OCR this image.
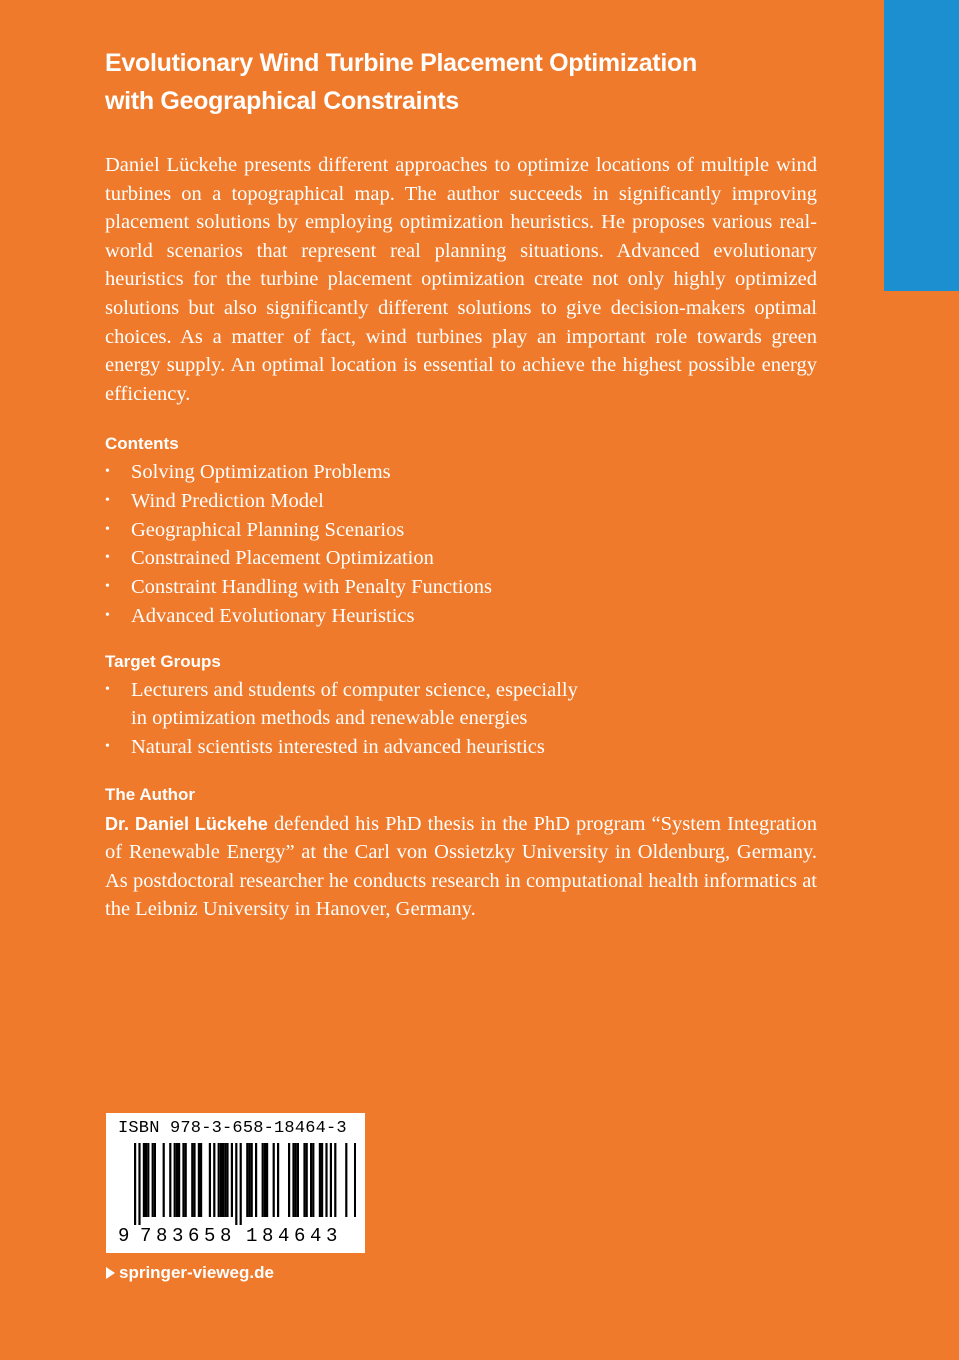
Evolutionary Wind Turbine Placement Optimization
with Geographical Constraints

Daniel Lückehe presents different approaches to optimize locations of multiple wind turbines on a topographical map. The author succeeds in significantly improving placement solutions by employing optimization heuristics. He proposes various real-world scenarios that represent real planning situations. Advanced evolutionary heuristics for the turbine placement optimization create not only highly optimized solutions but also significantly different solutions to give decision-makers optimal choices. As a matter of fact, wind turbines play an important role towards green energy supply. An optimal location is essential to achieve the highest possible energy efficiency.

Contents
• Solving Optimization Problems
• Wind Prediction Model
• Geographical Planning Scenarios
• Constrained Placement Optimization
• Constraint Handling with Penalty Functions
• Advanced Evolutionary Heuristics
Target Groups
• Lecturers and students of computer science, especially
in optimization methods and renewable energies
• Natural scientists interested in advanced heuristics
The Author

Dr. Daniel Lückehe defended his PhD thesis in the PhD program “System Integration of Renewable Energy” at the Carl von Ossietzky University in Oldenburg, Germany. As postdoctoral researcher he conducts research in computational health informatics at the Leibniz University in Hanover, Germany.

ISBN 978-3-658-18464-3
9 7 8 3 6 5 8 1 8 4 6 4 3
springer-vieweg.de
